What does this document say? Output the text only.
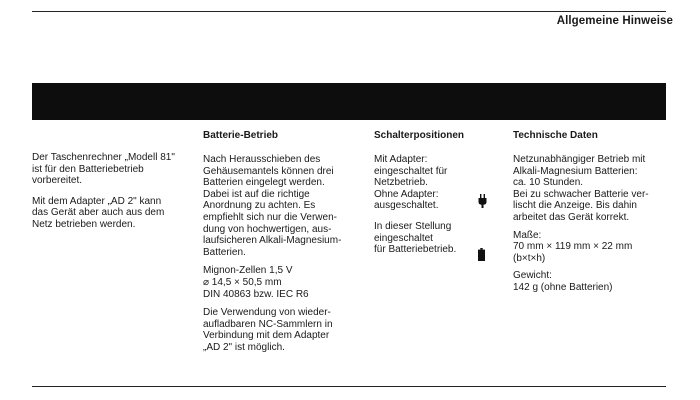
Allgemeine Hinweise

Der Taschenrechner „Modell 81"
ist für den Batteriebetrieb
vorbereitet.

Mit dem Adapter „AD 2" kann
das Gerät aber auch aus dem
Netz betrieben werden.

Batterie-Betrieb

Nach Herausschieben des
Gehäusemantels können drei
Batterien eingelegt werden.
Dabei ist auf die richtige
Anordnung zu achten. Es
empfiehlt sich nur die Verwen-
dung von hochwertigen, aus-
laufsicheren Alkali-Magnesium-
Batterien.

Mignon-Zellen 1,5 V
⌀ 14,5 × 50,5 mm
DIN 40863 bzw. IEC R6

Die Verwendung von wieder-
aufladbaren NC-Sammlern in
Verbindung mit dem Adapter
„AD 2" ist möglich.

Schalterpositionen

Mit Adapter:
eingeschaltet für
Netzbetrieb.
Ohne Adapter:
ausgeschaltet.

In dieser Stellung
eingeschaltet
für Batteriebetrieb.

Technische Daten

Netzunabhängiger Betrieb mit
Alkali-Magnesium Batterien:
ca. 10 Stunden.
Bei zu schwacher Batterie ver-
lischt die Anzeige. Bis dahin
arbeitet das Gerät korrekt.

Maße:

70 mm × 119 mm × 22 mm
(b×t×h)

Gewicht:

142 g (ohne Batterien)
